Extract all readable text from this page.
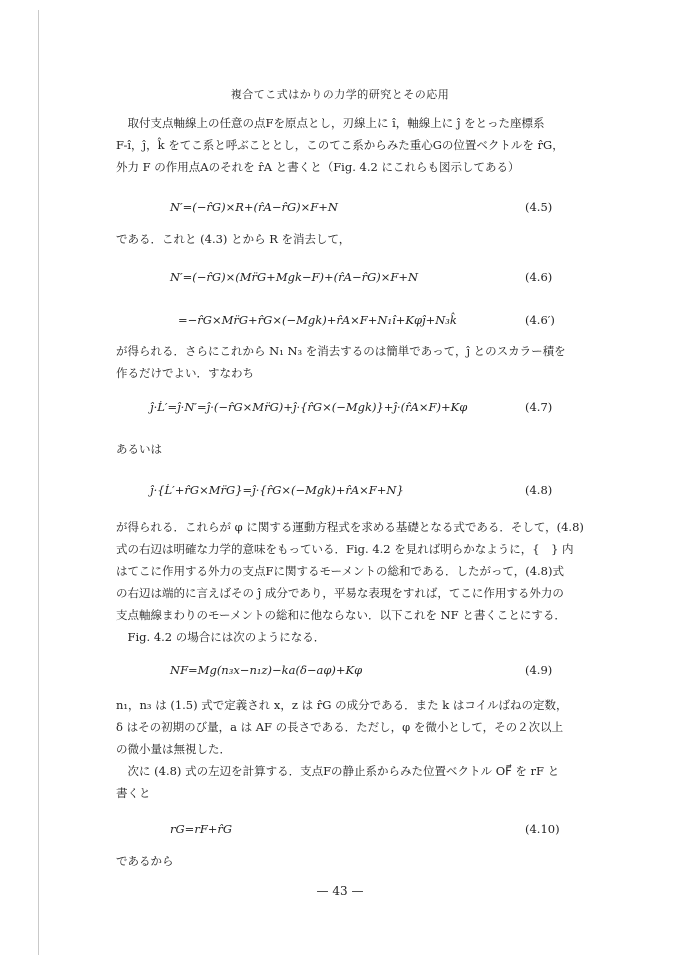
複合てこ式はかりの力学的研究とその応用
　取付支点軸線上の任意の点Fを原点とし，刃線上に î，軸線上に ĵ をとった座標系
F-î，ĵ，k̂ をてこ系と呼ぶこととし，このてこ系からみた重心Gの位置ベクトルを r̂G，
外力 F の作用点Aのそれを r̂A と書くと（Fig. 4.2 にこれらも図示してある）
N′=(−r̂G)×R+(r̂A−r̂G)×F+N	(4.5)
である．これと (4.3) とから R を消去して，
N′=(−r̂G)×(Mr̈G+Mgk−F)+(r̂A−r̂G)×F+N	(4.6)
=−r̂G×Mr̈G+r̂G×(−Mgk)+r̂A×F+N₁î+Kφĵ+N₃k̂	(4.6′)
が得られる．さらにこれから N₁ N₃ を消去するのは簡単であって，ĵ とのスカラー積を
作るだけでよい．すなわち
ĵ·L̇′=ĵ·N′=ĵ·(−r̂G×Mr̈G)+ĵ·{r̂G×(−Mgk)}+ĵ·(r̂A×F)+Kφ	(4.7)
あるいは
ĵ·{L̇′+r̂G×Mr̈G}=ĵ·{r̂G×(−Mgk)+r̂A×F+N}	(4.8)
が得られる．これらが φ に関する運動方程式を求める基礎となる式である．そして，(4.8)
式の右辺は明確な力学的意味をもっている．Fig. 4.2 を見れば明らかなように，{　} 内
はてこに作用する外力の支点Fに関するモーメントの総和である．したがって，(4.8)式
の右辺は端的に言えばその ĵ 成分であり，平易な表現をすれば，てこに作用する外力の
支点軸線まわりのモーメントの総和に他ならない．以下これを NF と書くことにする．
　Fig. 4.2 の場合には次のようになる．
NF=Mg(n₃x−n₁z)−ka(δ−aφ)+Kφ	(4.9)
n₁，n₃ は (1.5) 式で定義され x，z は r̂G の成分である．また k はコイルばねの定数，
δ はその初期のび量，a は AF の長さである．ただし，φ を微小として，その２次以上
の微小量は無視した．
　次に (4.8) 式の左辺を計算する．支点Fの静止系からみた位置ベクトル OF⃗ を rF と
書くと
rG=rF+r̂G	(4.10)
であるから
— 43 —
